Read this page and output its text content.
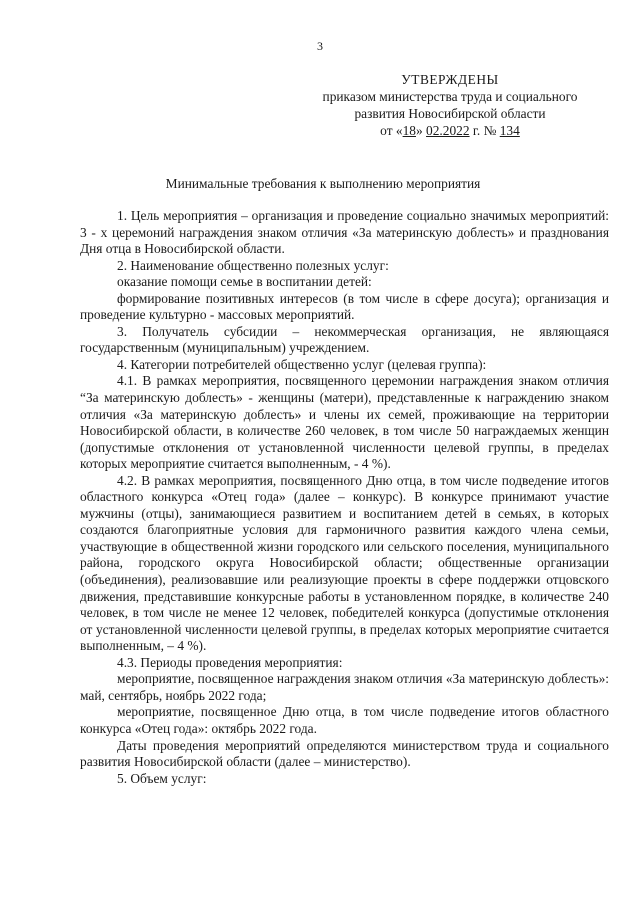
3
УТВЕРЖДЕНЫ
приказом министерства труда и социального
развития Новосибирской области
от «18» 02.2022 г. № 134
Минимальные требования к выполнению мероприятия

1. Цель мероприятия – организация и проведение социально значимых мероприятий: 3 - х церемоний награждения знаком отличия «За материнскую доблесть» и празднования Дня отца в Новосибирской области.

2. Наименование общественно полезных услуг:

оказание помощи семье в воспитании детей:

формирование позитивных интересов (в том числе в сфере досуга); организация и проведение культурно - массовых мероприятий.

3. Получатель субсидии – некоммерческая организация, не являющаяся государственным (муниципальным) учреждением.

4. Категории потребителей общественно услуг (целевая группа):

4.1. В рамках мероприятия, посвященного церемонии награждения знаком отличия “За материнскую доблесть» - женщины (матери), представленные к награждению знаком отличия «За материнскую доблесть» и члены их семей, проживающие на территории Новосибирской области, в количестве 260 человек, в том числе 50 награждаемых женщин (допустимые отклонения от установленной численности целевой группы, в пределах которых мероприятие считается выполненным, - 4 %).

4.2. В рамках мероприятия, посвященного Дню отца, в том числе подведение итогов областного конкурса «Отец года» (далее – конкурс). В конкурсе принимают участие мужчины (отцы), занимающиеся развитием и воспитанием детей в семьях, в которых создаются благоприятные условия для гармоничного развития каждого члена семьи, участвующие в общественной жизни городского или сельского поселения, муниципального района, городского округа Новосибирской области; общественные организации (объединения), реализовавшие или реализующие проекты в сфере поддержки отцовского движения, представившие конкурсные работы в установленном порядке, в количестве 240 человек, в том числе не менее 12 человек, победителей конкурса (допустимые отклонения от установленной численности целевой группы, в пределах которых мероприятие считается выполненным, – 4 %).

4.3. Периоды проведения мероприятия:

мероприятие, посвященное награждения знаком отличия «За материнскую доблесть»: май, сентябрь, ноябрь 2022 года;

мероприятие, посвященное Дню отца, в том числе подведение итогов областного конкурса «Отец года»: октябрь 2022 года.

Даты проведения мероприятий определяются министерством труда и социального развития Новосибирской области (далее – министерство).

5. Объем услуг:
